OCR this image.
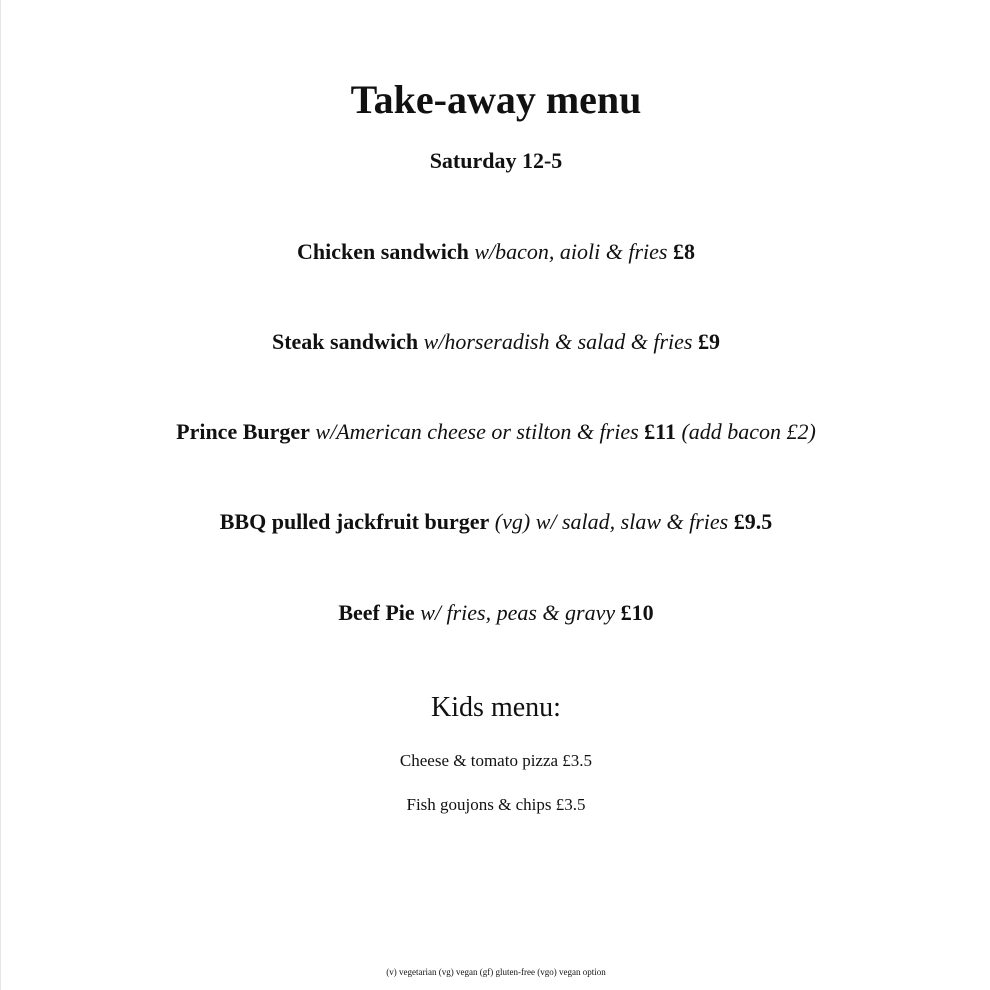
Take-away menu
Saturday 12-5
Chicken sandwich w/bacon, aioli & fries £8
Steak sandwich w/horseradish & salad & fries £9
Prince Burger w/American cheese or stilton & fries £11 (add bacon £2)
BBQ pulled jackfruit burger (vg) w/ salad, slaw & fries £9.5
Beef Pie w/ fries, peas & gravy £10
Kids menu:
Cheese & tomato pizza £3.5
Fish goujons & chips £3.5
(v) vegetarian (vg) vegan (gf) gluten-free (vgo) vegan option
